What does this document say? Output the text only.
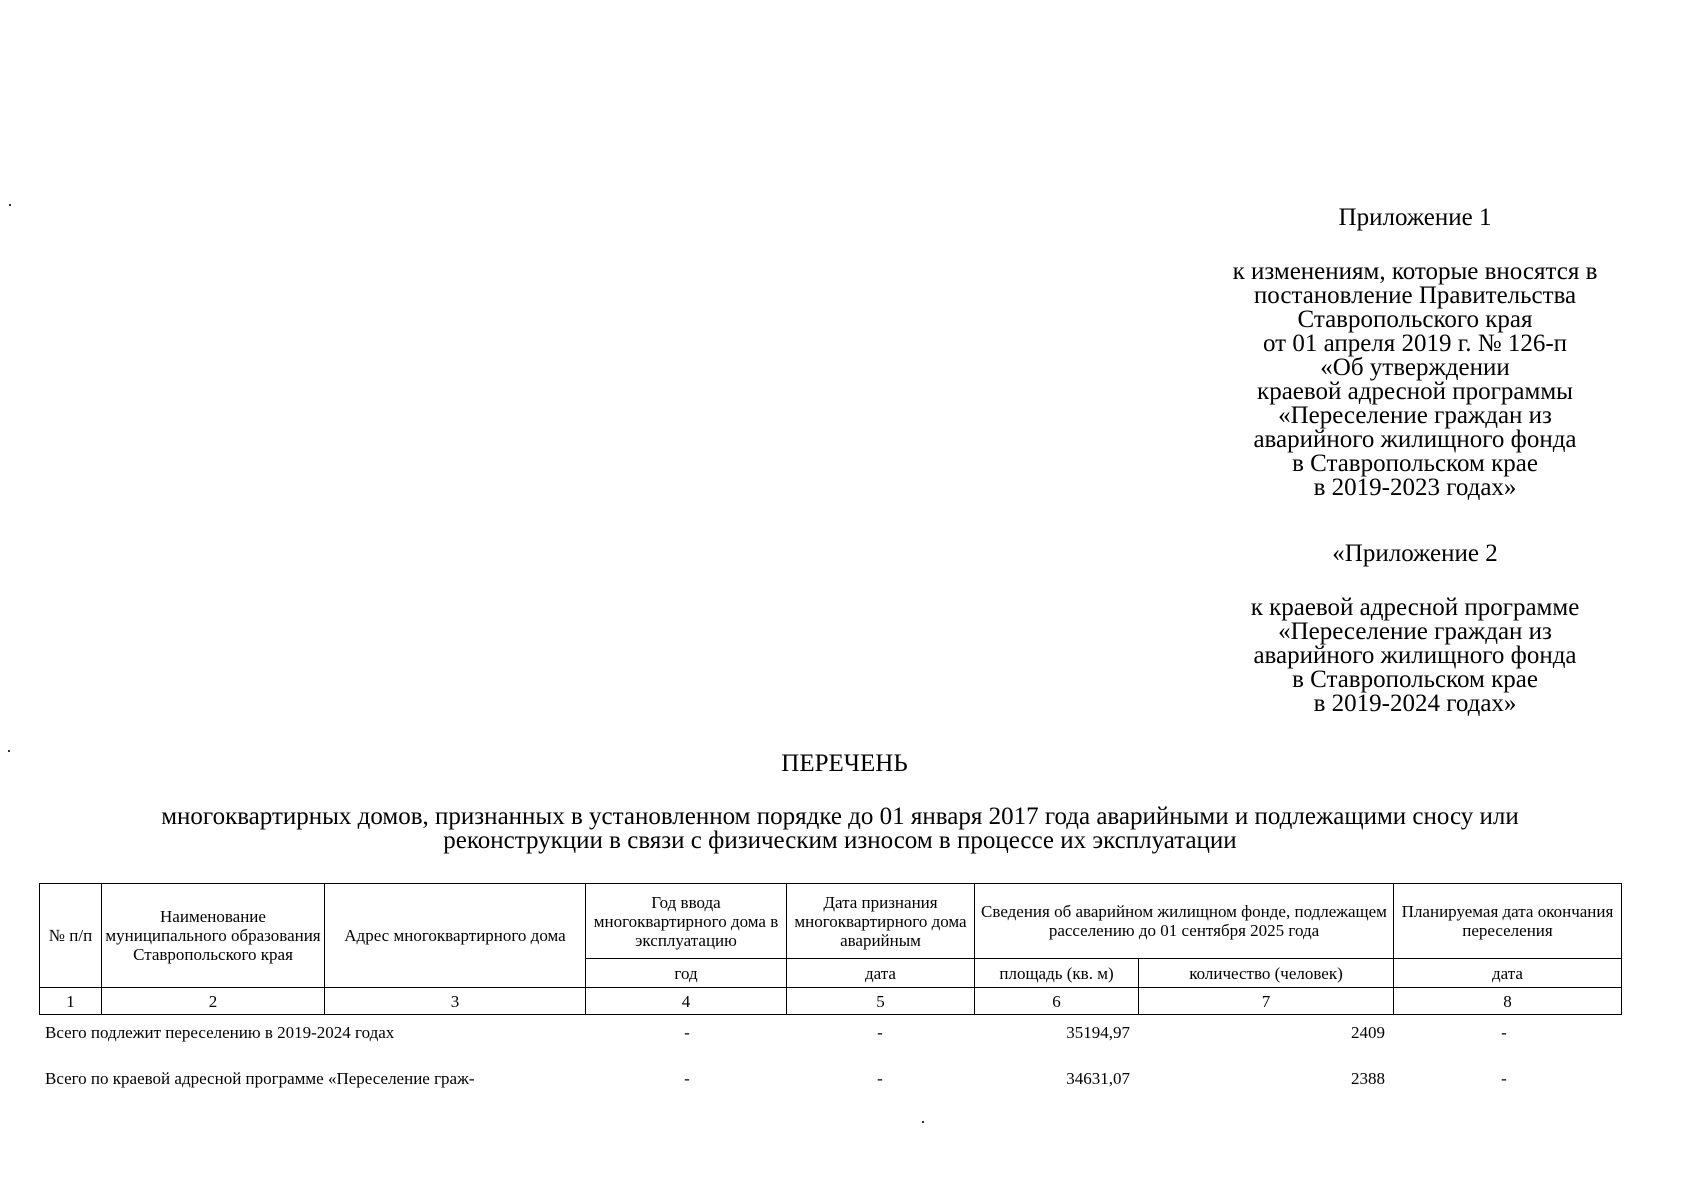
Приложение 1
к изменениям, которые вносятся в
постановление Правительства
Ставропольского края
от 01 апреля 2019 г. № 126-п
«Об утверждении
краевой адресной программы
«Переселение граждан из
аварийного жилищного фонда
в Ставропольском крае
в 2019-2023 годах»
«Приложение 2
к краевой адресной программе
«Переселение граждан из
аварийного жилищного фонда
в Ставропольском крае
в 2019-2024 годах»
ПЕРЕЧЕНЬ
многоквартирных домов, признанных в установленном порядке до 01 января 2017 года аварийными и подлежащими сносу или
реконструкции в связи с физическим износом в процессе их эксплуатации
№ п/п	Наименование муниципального образования Ставропольского края	Адрес многоквартирного дома	Год ввода многоквартирного дома в эксплуатацию	Дата признания многоквартирного дома аварийным	Сведения об аварийном жилищном фонде, подлежащем расселению до 01 сентября 2025 года		Планируемая дата окончания переселения
			год	дата	площадь (кв. м)	количество (человек)	дата
1	2	3	4	5	6	7	8
Всего подлежит переселению в 2019-2024 годах	-	-	35194,97	2409	-
Всего по краевой адресной программе «Переселение граж-	-	-	34631,07	2388	-
